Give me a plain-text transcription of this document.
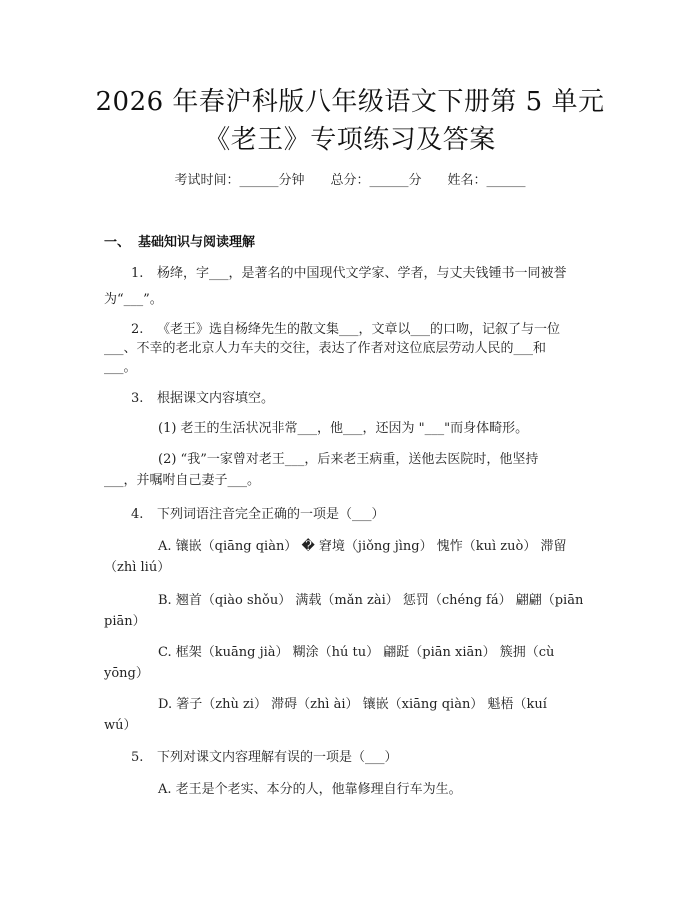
2026 年春沪科版八年级语文下册第 5 单元
《老王》专项练习及答案
考试时间：______分钟 总分：______分 姓名：______
一、 基础知识与阅读理解
1. 杨绛，字___，是著名的中国现代文学家、学者，与丈夫钱锺书一同被誉
为“___”。
2. 《老王》选自杨绛先生的散文集___，文章以___的口吻，记叙了与一位
___、不幸的老北京人力车夫的交往，表达了作者对这位底层劳动人民的___和
___。
3. 根据课文内容填空。
(1) 老王的生活状况非常___，他___，还因为 "___"而身体畸形。
(2) “我”一家曾对老王___，后来老王病重，送他去医院时，他坚持
___，并嘱咐自己妻子___。
4. 下列词语注音完全正确的一项是（___）
A. 镶嵌（qiāng qiàn） � 窘境（jiǒng jìng） 愧怍（kuì zuò） 滞留
（zhì liú）
B. 翘首（qiào shǒu） 满载（mǎn zài） 惩罚（chéng fá） 翩翩（piān
piān）
C. 框架（kuāng jià） 糊涂（hú tu） 翩跹（piān xiān） 簇拥（cù
yōng）
D. 箸子（zhù zi） 滞碍（zhì ài） 镶嵌（xiāng qiàn） 魁梧（kuí
wú）
5. 下列对课文内容理解有误的一项是（___）
A. 老王是个老实、本分的人，他靠修理自行车为生。
